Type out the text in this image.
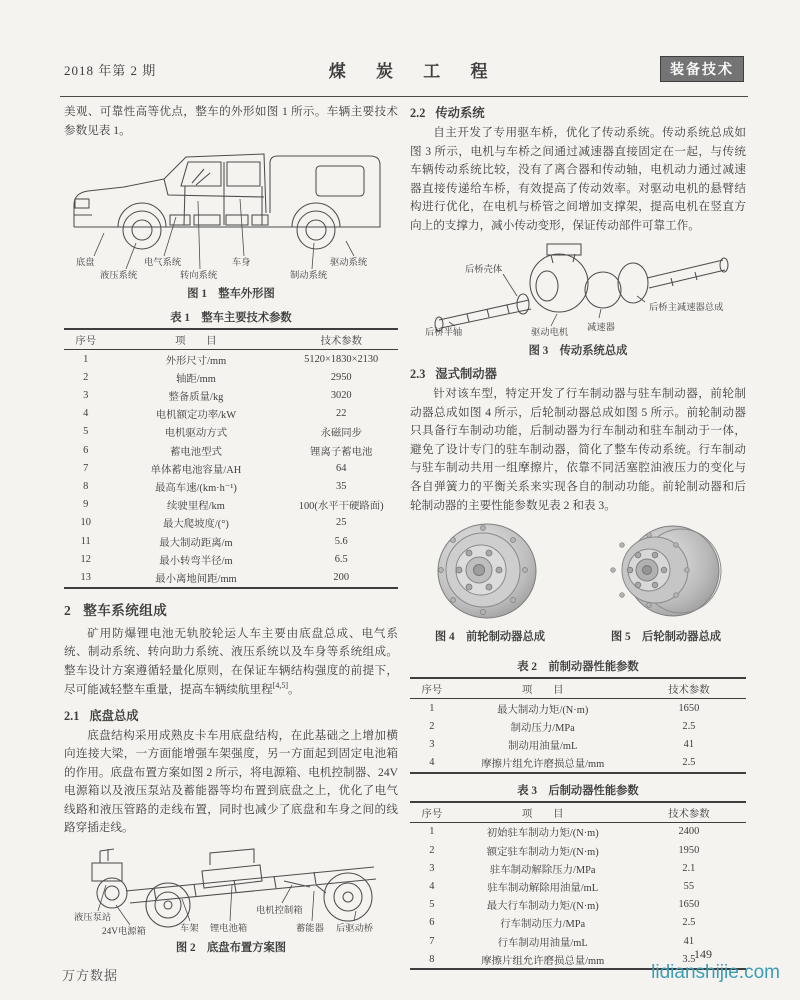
2018 年第 2 期	煤 炭 工 程	装备技术

美观、可靠性高等优点，整车的外形如图 1 所示。车辆主要技术参数见表 1。

底盘
液压系统
电气系统
转向系统
车身
制动系统
驱动系统
图 1　整车外形图
表 1　整车主要技术参数
序号	项　　目	技术参数
1	外形尺寸/mm	5120×1830×2130
2	轴距/mm	2950
3	整备质量/kg	3020
4	电机额定功率/kW	22
5	电机驱动方式	永磁同步
6	蓄电池型式	锂离子蓄电池
7	单体蓄电池容量/AH	64
8	最高车速/(km·h⁻¹)	35
9	续驶里程/km	100(水平干硬路面)
10	最大爬坡度/(°)	25
11	最大制动距离/m	5.6
12	最小转弯半径/m	6.5
13	最小离地间距/mm	200
2 整车系统组成

矿用防爆锂电池无轨胶轮运人车主要由底盘总成、电气系统、制动系统、转向助力系统、液压系统以及车身等系统组成。整车设计方案遵循轻量化原则，在保证车辆结构强度的前提下，尽可能减轻整车重量，提高车辆续航里程[4,5]。

2.1 底盘总成

底盘结构采用成熟皮卡车用底盘结构，在此基础之上增加横向连接大梁，一方面能增强车架强度，另一方面起到固定电池箱的作用。底盘布置方案如图 2 所示，将电源箱、电机控制器、24V 电源箱以及液压泵站及蓄能器等均布置到底盘之上，优化了电气线路和液压管路的走线布置，同时也减少了底盘和车身之间的线路穿插走线。

液压泵站
24V电源箱	车架 锂电池箱
电机控制箱
蓄能器 后驱动桥
图 2　底盘布置方案图
2.2 传动系统

自主开发了专用驱车桥，优化了传动系统。传动系统总成如图 3 所示，电机与车桥之间通过减速器直接固定在一起，与传统车辆传动系统比较，没有了离合器和传动轴，电机动力通过减速器直接传递给车桥，有效提高了传动效率。对驱动电机的悬臂结构进行优化，在电机与桥管之间增加支撑架，提高电机在竖直方向上的支撑力，减小传动变形，保证传动部件可靠工作。

后桥壳体
后桥半轴	驱动电机 减速器
后桥主减速器总成
图 3　传动系统总成
2.3 湿式制动器

针对该车型，特定开发了行车制动器与驻车制动器，前轮制动器总成如图 4 所示，后轮制动器总成如图 5 所示。前轮制动器只具备行车制动功能，后制动器为行车制动和驻车制动于一体，避免了设计专门的驻车制动器，简化了整车传动系统。行车制动与驻车制动共用一组摩擦片，依靠不同活塞腔油液压力的变化与各自弹簧力的平衡关系来实现各自的制动功能。前轮制动器和后轮制动器的主要性能参数见表 2 和表 3。

图 4　前轮制动器总成	图 5　后轮制动器总成
表 2　前制动器性能参数
序号	项　　目	技术参数
1	最大制动力矩/(N·m)	1650
2	制动压力/MPa	2.5
3	制动用油量/mL	41
4	摩擦片组允许磨损总量/mm	2.5
表 3　后制动器性能参数
序号	项　　目	技术参数
1	初始驻车制动力矩/(N·m)	2400
2	额定驻车制动力矩/(N·m)	1950
3	驻车制动解除压力/MPa	2.1
4	驻车制动解除用油量/mL	55
5	最大行车制动力矩/(N·m)	1650
6	行车制动压力/MPa	2.5
7	行车制动用油量/mL	41
8	摩擦片组允许磨损总量/mm	3.5
万方数据
149
lidianshijie.com
